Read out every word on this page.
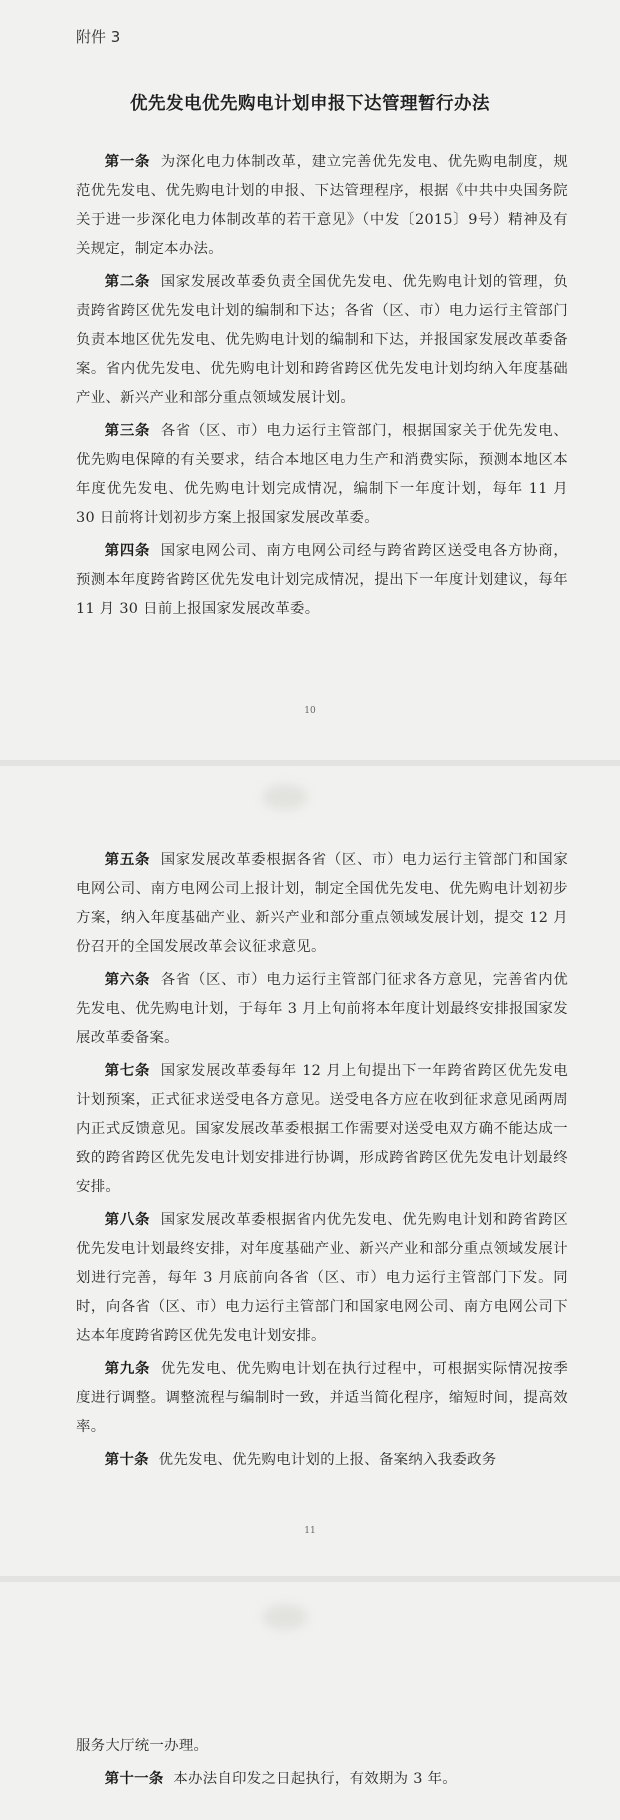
附件 3
优先发电优先购电计划申报下达管理暂行办法

第一条 为深化电力体制改革，建立完善优先发电、优先购电制度，规范优先发电、优先购电计划的申报、下达管理程序，根据《中共中央国务院关于进一步深化电力体制改革的若干意见》（中发〔2015〕9号）精神及有关规定，制定本办法。

第二条 国家发展改革委负责全国优先发电、优先购电计划的管理，负责跨省跨区优先发电计划的编制和下达；各省（区、市）电力运行主管部门负责本地区优先发电、优先购电计划的编制和下达，并报国家发展改革委备案。省内优先发电、优先购电计划和跨省跨区优先发电计划均纳入年度基础产业、新兴产业和部分重点领域发展计划。

第三条 各省（区、市）电力运行主管部门，根据国家关于优先发电、优先购电保障的有关要求，结合本地区电力生产和消费实际，预测本地区本年度优先发电、优先购电计划完成情况，编制下一年度计划，每年 11 月 30 日前将计划初步方案上报国家发展改革委。

第四条 国家电网公司、南方电网公司经与跨省跨区送受电各方协商，预测本年度跨省跨区优先发电计划完成情况，提出下一年度计划建议，每年 11 月 30 日前上报国家发展改革委。

10

第五条 国家发展改革委根据各省（区、市）电力运行主管部门和国家电网公司、南方电网公司上报计划，制定全国优先发电、优先购电计划初步方案，纳入年度基础产业、新兴产业和部分重点领域发展计划，提交 12 月份召开的全国发展改革会议征求意见。

第六条 各省（区、市）电力运行主管部门征求各方意见，完善省内优先发电、优先购电计划，于每年 3 月上旬前将本年度计划最终安排报国家发展改革委备案。

第七条 国家发展改革委每年 12 月上旬提出下一年跨省跨区优先发电计划预案，正式征求送受电各方意见。送受电各方应在收到征求意见函两周内正式反馈意见。国家发展改革委根据工作需要对送受电双方确不能达成一致的跨省跨区优先发电计划安排进行协调，形成跨省跨区优先发电计划最终安排。

第八条 国家发展改革委根据省内优先发电、优先购电计划和跨省跨区优先发电计划最终安排，对年度基础产业、新兴产业和部分重点领域发展计划进行完善，每年 3 月底前向各省（区、市）电力运行主管部门下发。同时，向各省（区、市）电力运行主管部门和国家电网公司、南方电网公司下达本年度跨省跨区优先发电计划安排。

第九条 优先发电、优先购电计划在执行过程中，可根据实际情况按季度进行调整。调整流程与编制时一致，并适当简化程序，缩短时间，提高效率。

第十条 优先发电、优先购电计划的上报、备案纳入我委政务

11

服务大厅统一办理。

第十一条 本办法自印发之日起执行，有效期为 3 年。
